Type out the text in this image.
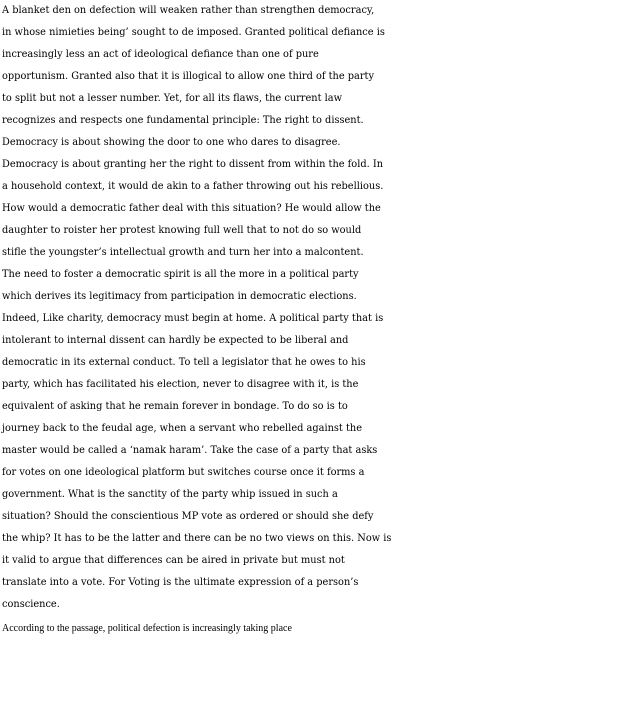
A blanket den on defection will weaken rather than strengthen democracy,
in whose nimieties being’ sought to de imposed. Granted political defiance is
increasingly less an act of ideological defiance than one of pure
opportunism. Granted also that it is illogical to allow one third of the party
to split but not a lesser number. Yet, for all its flaws, the current law
recognizes and respects one fundamental principle: The right to dissent.
Democracy is about showing the door to one who dares to disagree.
Democracy is about granting her the right to dissent from within the fold. In
a household context, it would de akin to a father throwing out his rebellious.
How would a democratic father deal with this situation? He would allow the
daughter to roister her protest knowing full well that to not do so would
stifle the youngster’s intellectual growth and turn her into a malcontent.
The need to foster a democratic spirit is all the more in a political party
which derives its legitimacy from participation in democratic elections.
Indeed, Like charity, democracy must begin at home. A political party that is
intolerant to internal dissent can hardly be expected to be liberal and
democratic in its external conduct. To tell a legislator that he owes to his
party, which has facilitated his election, never to disagree with it, is the
equivalent of asking that he remain forever in bondage. To do so is to
journey back to the feudal age, when a servant who rebelled against the
master would be called a ‘namak haram’. Take the case of a party that asks
for votes on one ideological platform but switches course once it forms a
government. What is the sanctity of the party whip issued in such a
situation? Should the conscientious MP vote as ordered or should she defy
the whip? It has to be the latter and there can be no two views on this. Now is
it valid to argue that differences can be aired in private but must not
translate into a vote. For Voting is the ultimate expression of a person’s
conscience.
According to the passage, political defection is increasingly taking place
